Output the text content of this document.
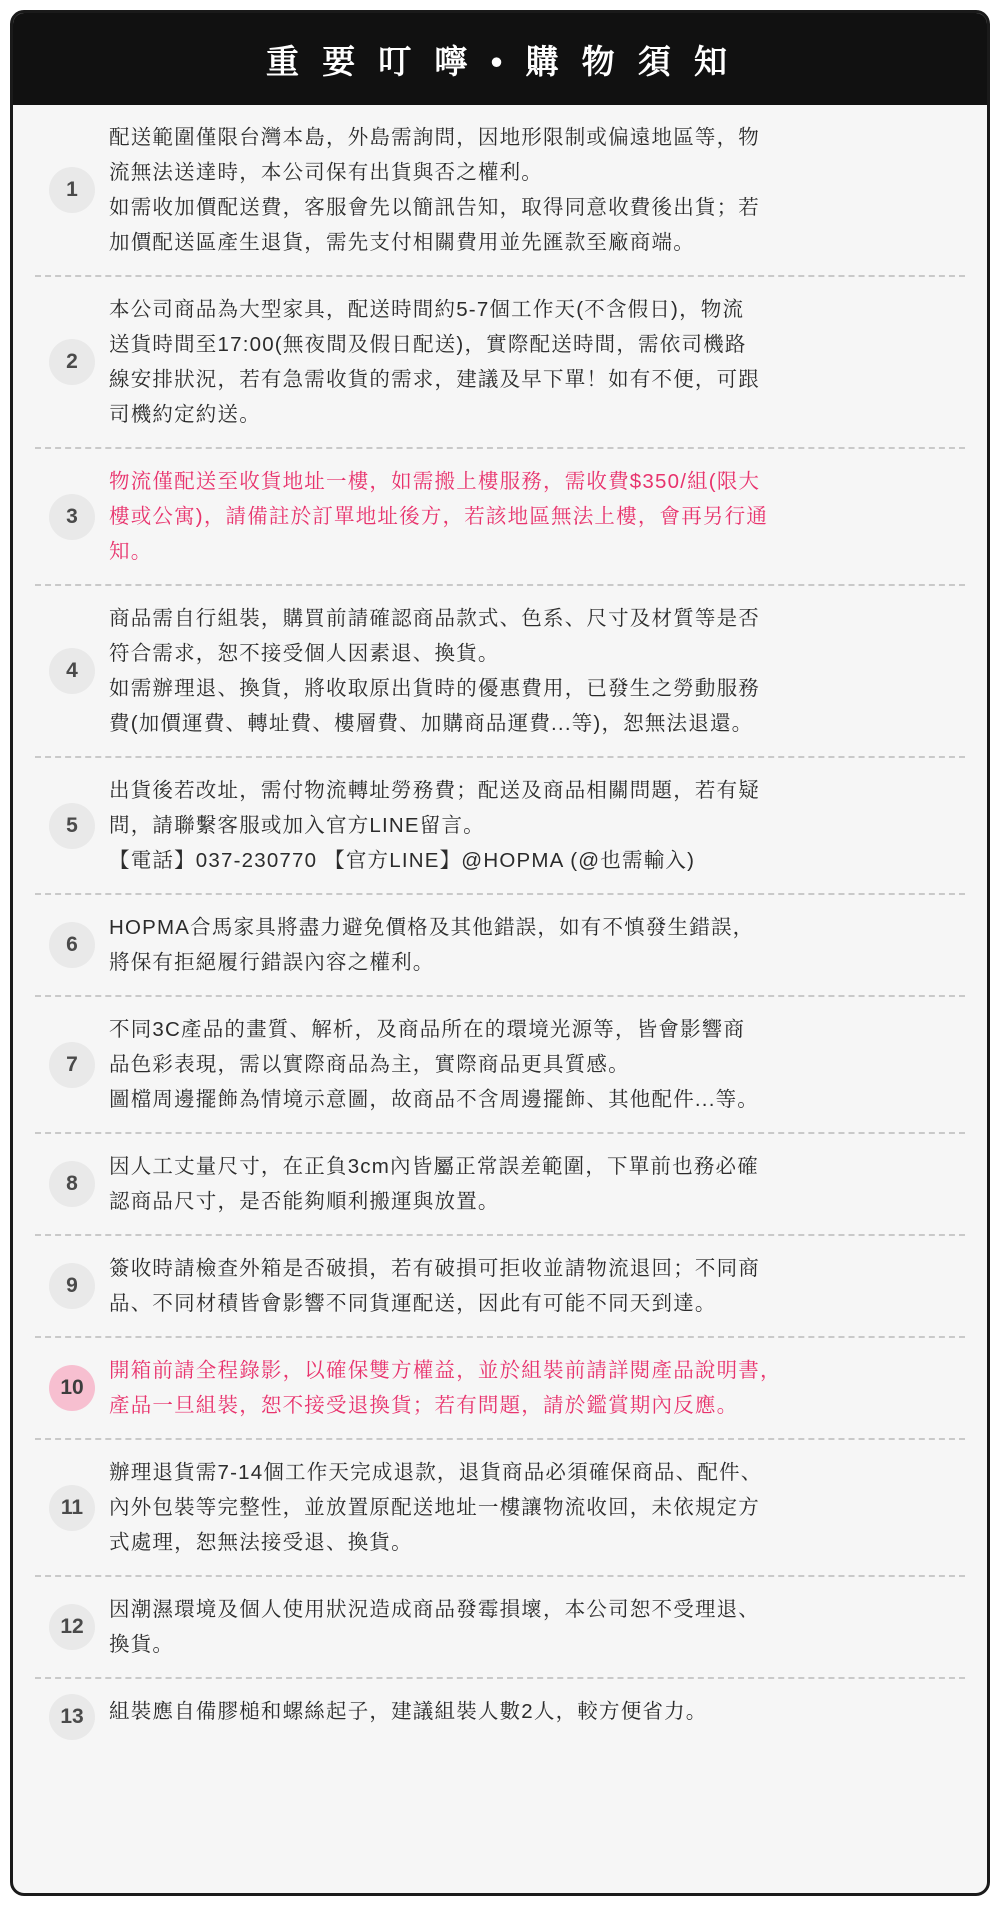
重 要 叮 嚀 • 購 物 須 知
1
配送範圍僅限台灣本島，外島需詢問，因地形限制或偏遠地區等，物
流無法送達時，本公司保有出貨與否之權利。
如需收加價配送費，客服會先以簡訊告知，取得同意收費後出貨；若
加價配送區產生退貨，需先支付相關費用並先匯款至廠商端。
2
本公司商品為大型家具，配送時間約5-7個工作天(不含假日)，物流
送貨時間至17:00(無夜間及假日配送)，實際配送時間，需依司機路
線安排狀況，若有急需收貨的需求，建議及早下單！如有不便，可跟
司機約定約送。
3
物流僅配送至收貨地址一樓，如需搬上樓服務，需收費$350/組(限大
樓或公寓)，請備註於訂單地址後方，若該地區無法上樓，會再另行通
知。
4
商品需自行組裝，購買前請確認商品款式、色系、尺寸及材質等是否
符合需求，恕不接受個人因素退、換貨。
如需辦理退、換貨，將收取原出貨時的優惠費用，已發生之勞動服務
費(加價運費、轉址費、樓層費、加購商品運費...等)，恕無法退還。
5
出貨後若改址，需付物流轉址勞務費；配送及商品相關問題，若有疑
問，請聯繫客服或加入官方LINE留言。
【電話】037-230770 【官方LINE】@HOPMA (@也需輸入)
6
HOPMA合馬家具將盡力避免價格及其他錯誤，如有不慎發生錯誤，
將保有拒絕履行錯誤內容之權利。
7
不同3C產品的畫質、解析，及商品所在的環境光源等，皆會影響商
品色彩表現，需以實際商品為主，實際商品更具質感。
圖檔周邊擺飾為情境示意圖，故商品不含周邊擺飾、其他配件...等。
8
因人工丈量尺寸，在正負3cm內皆屬正常誤差範圍，下單前也務必確
認商品尺寸，是否能夠順利搬運與放置。
9
簽收時請檢查外箱是否破損，若有破損可拒收並請物流退回；不同商
品、不同材積皆會影響不同貨運配送，因此有可能不同天到達。
10
開箱前請全程錄影，以確保雙方權益，並於組裝前請詳閱產品說明書，
產品一旦組裝，恕不接受退換貨；若有問題，請於鑑賞期內反應。
11
辦理退貨需7-14個工作天完成退款，退貨商品必須確保商品、配件、
內外包裝等完整性，並放置原配送地址一樓讓物流收回，未依規定方
式處理，恕無法接受退、換貨。
12
因潮濕環境及個人使用狀況造成商品發霉損壞，本公司恕不受理退、
換貨。
13	組裝應自備膠槌和螺絲起子，建議組裝人數2人，較方便省力。
